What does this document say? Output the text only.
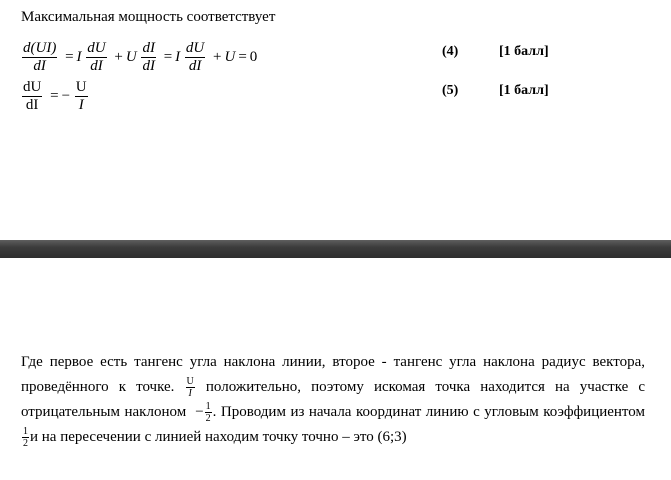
Максимальная мощность соответствует
$\frac{d(UI)}{dI} = I \frac{dU}{dI} + U \frac{dI}{dI} = I \frac{dU}{dI} + U = 0$	(4)	[1 балл]
$\frac{dU}{dI}$ = − $\frac{U}{I}$	(5)	[1 балл]
Где первое есть тангенс угла наклона линии, второе - тангенс угла наклона радиус вектора, проведённого к точке. $\frac{U}{I}$ положительно, поэтому искомая точка находится на участке с отрицательным наклоном − $\frac{1}{2}$ . Проводим из начала координат линию с угловым коэффициентом
$\frac{1}{2}$ и на пересечении с линией находим точку точно – это (6;3)
